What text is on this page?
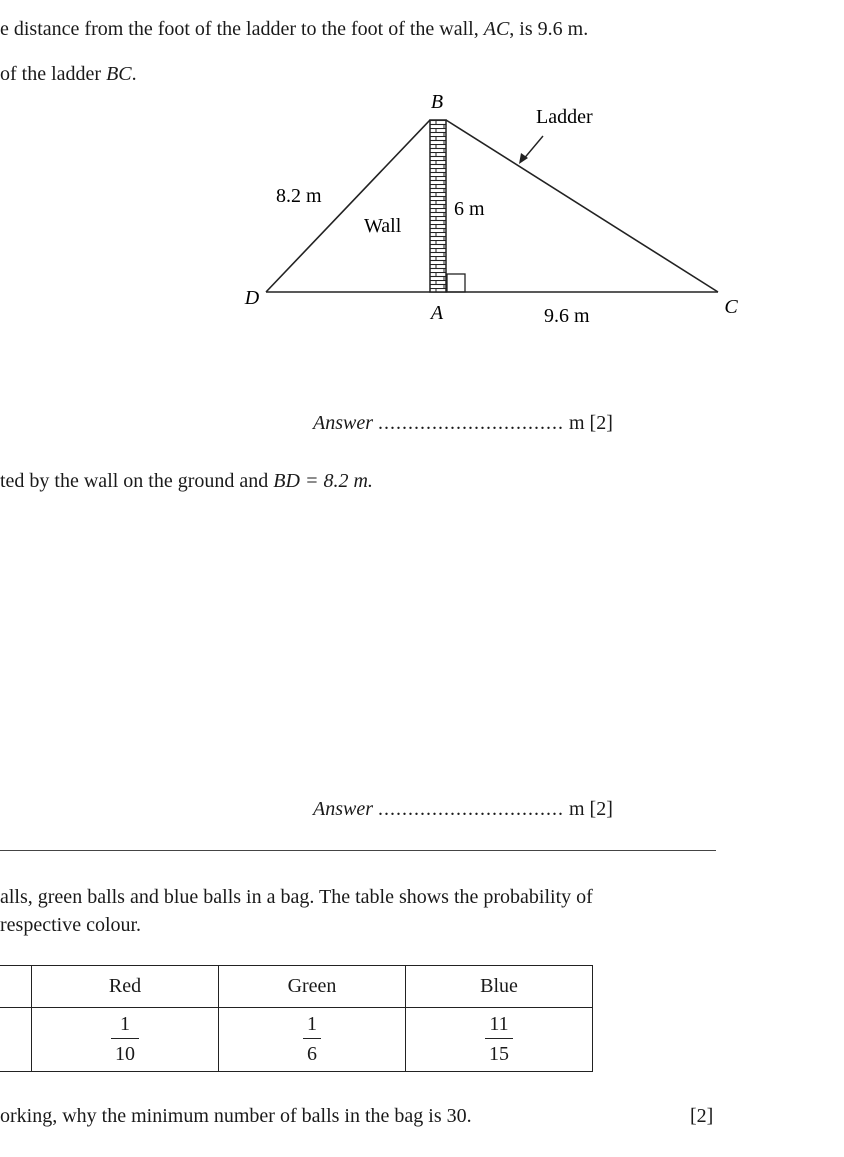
e distance from the foot of the ladder to the foot of the wall, AC, is 9.6 m.
of the ladder BC.
B
D
A	C
8.2 m
Wall
6 m
9.6 m
Ladder
Answer ............................... m [2]
ted by the wall on the ground and BD = 8.2 m.
Answer ............................... m [2]
alls, green balls and blue balls in a bag. The table shows the probability of
respective colour.
	Red	Green	Blue

	$\frac{1}{10}$	$\frac{1}{6}$	$\frac{11}{15}$
orking, why the minimum number of balls in the bag is 30.	[2]
